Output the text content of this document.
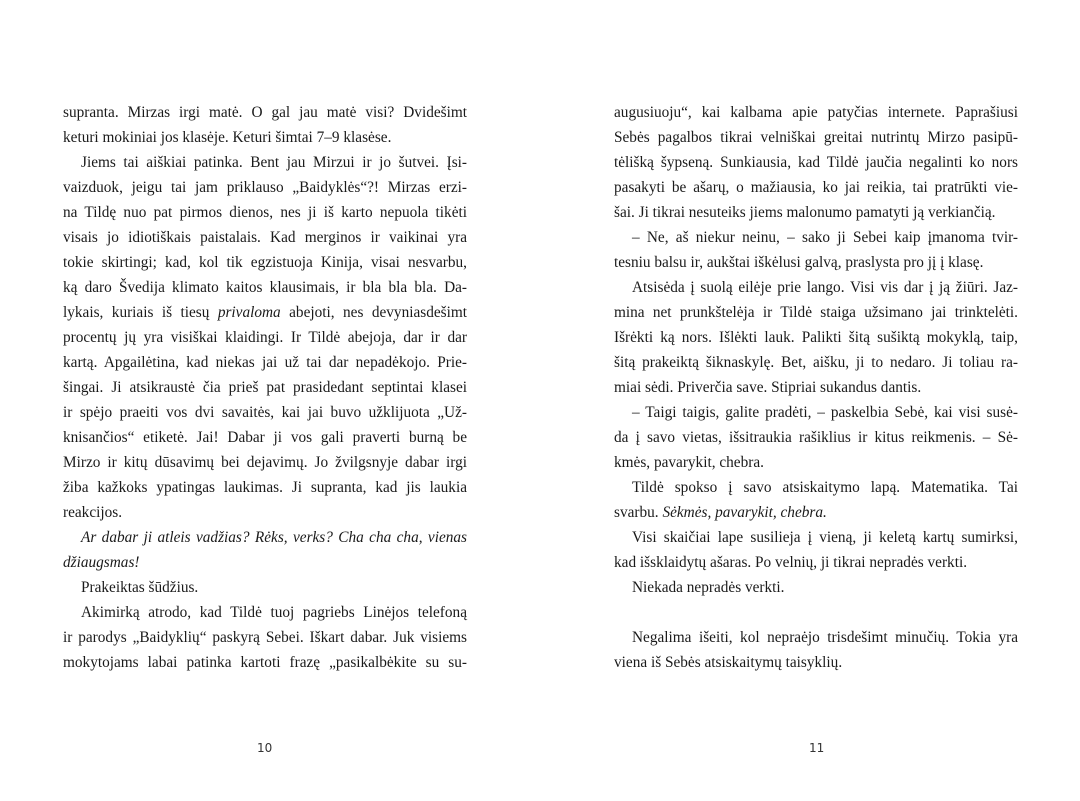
supranta. Mirzas irgi matė. O gal jau matė visi? Dvidešimt
keturi mokiniai jos klasėje. Keturi šimtai 7–9 klasėse.
Jiems tai aiškiai patinka. Bent jau Mirzui ir jo šutvei. Įsi-
vaizduok, jeigu tai jam priklauso „Baidyklės“?! Mirzas erzi-
na Tildę nuo pat pirmos dienos, nes ji iš karto nepuola tikėti
visais jo idiotiškais paistalais. Kad merginos ir vaikinai yra
tokie skirtingi; kad, kol tik egzistuoja Kinija, visai nesvarbu,
ką daro Švedija klimato kaitos klausimais, ir bla bla bla. Da-
lykais, kuriais iš tiesų privaloma abejoti, nes devyniasdešimt
procentų jų yra visiškai klaidingi. Ir Tildė abejoja, dar ir dar
kartą. Apgailėtina, kad niekas jai už tai dar nepadėkojo. Prie-
šingai. Ji atsikraustė čia prieš pat prasidedant septintai klasei
ir spėjo praeiti vos dvi savaitės, kai jai buvo užklijuota „Už-
knisančios“ etiketė. Jai! Dabar ji vos gali praverti burną be
Mirzo ir kitų dūsavimų bei dejavimų. Jo žvilgsnyje dabar irgi
žiba kažkoks ypatingas laukimas. Ji supranta, kad jis laukia
reakcijos.
Ar dabar ji atleis vadžias? Rėks, verks? Cha cha cha, vienas
džiaugsmas!
Prakeiktas šūdžius.
Akimirką atrodo, kad Tildė tuoj pagriebs Linėjos telefoną
ir parodys „Baidyklių“ paskyrą Sebei. Iškart dabar. Juk visiems
mokytojams labai patinka kartoti frazę „pasikalbėkite su su-
augusiuoju“, kai kalbama apie patyčias internete. Paprašiusi
Sebės pagalbos tikrai velniškai greitai nutrintų Mirzo pasipū-
tėlišką šypseną. Sunkiausia, kad Tildė jaučia negalinti ko nors
pasakyti be ašarų, o mažiausia, ko jai reikia, tai pratrūkti vie-
šai. Ji tikrai nesuteiks jiems malonumo pamatyti ją verkiančią.
– Ne, aš niekur neinu, – sako ji Sebei kaip įmanoma tvir-
tesniu balsu ir, aukštai iškėlusi galvą, praslysta pro jį į klasę.
Atsisėda į suolą eilėje prie lango. Visi vis dar į ją žiūri. Jaz-
mina net prunkštelėja ir Tildė staiga užsimano jai trinktelėti.
Išrėkti ką nors. Išlėkti lauk. Palikti šitą sušiktą mokyklą, taip,
šitą prakeiktą šiknaskylę. Bet, aišku, ji to nedaro. Ji toliau ra-
miai sėdi. Priverčia save. Stipriai sukandus dantis.
– Taigi taigis, galite pradėti, – paskelbia Sebė, kai visi susė-
da į savo vietas, išsitraukia rašiklius ir kitus reikmenis. – Sė-
kmės, pavarykit, chebra.
Tildė spokso į savo atsiskaitymo lapą. Matematika. Tai
svarbu. Sėkmės, pavarykit, chebra.
Visi skaičiai lape susilieja į vieną, ji keletą kartų sumirksi,
kad išsklaidytų ašaras. Po velnių, ji tikrai nepradės verkti.
Niekada nepradės verkti.
Negalima išeiti, kol nepraėjo trisdešimt minučių. Tokia yra
viena iš Sebės atsiskaitymų taisyklių.
10	11
